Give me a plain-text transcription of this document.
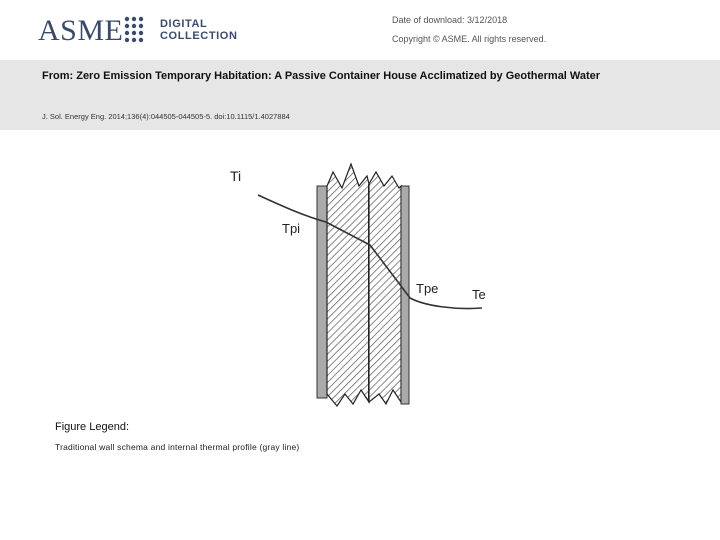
ASME	DIGITAL
COLLECTION
Date of download: 3/12/2018
Copyright © ASME. All rights reserved.
From: Zero Emission Temporary Habitation: A Passive Container House Acclimatized by Geothermal Water
J. Sol. Energy Eng. 2014;136(4):044505-044505-5. doi:10.1115/1.4027884
Ti
Tpi
Tpe	Te
Figure Legend:
Traditional wall schema and internal thermal profile (gray line)
